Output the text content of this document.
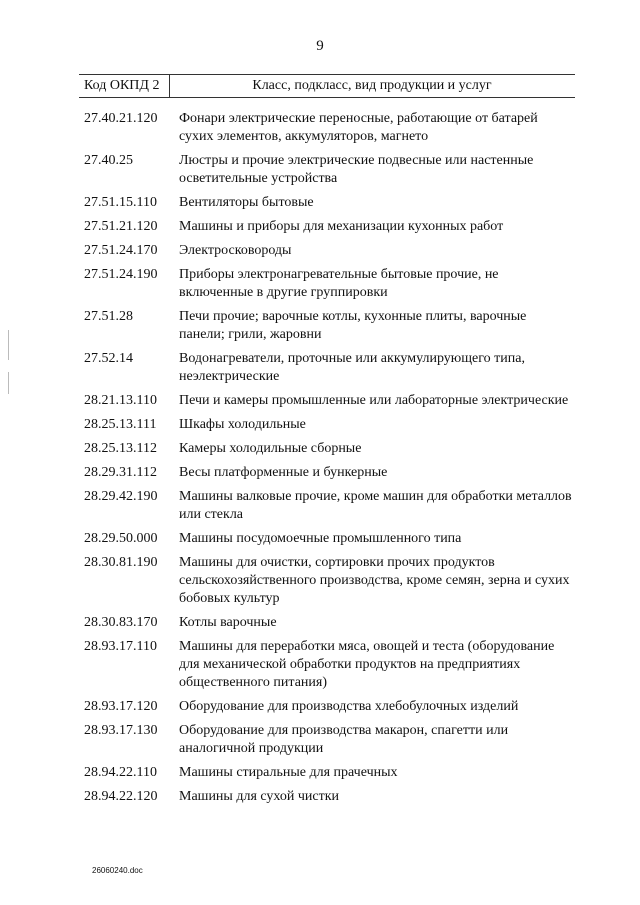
9
Код ОКПД 2	Класс, подкласс, вид продукции и услуг
27.40.21.120	Фонари электрические переносные, работающие от батарей сухих элементов, аккумуляторов, магнето
27.40.25	Люстры и прочие электрические подвесные или настенные осветительные устройства
27.51.15.110	Вентиляторы бытовые
27.51.21.120	Машины и приборы для механизации кухонных работ
27.51.24.170	Электросковороды
27.51.24.190	Приборы электронагревательные бытовые прочие, не включенные в другие группировки
27.51.28	Печи прочие; варочные котлы, кухонные плиты, варочные панели; грили, жаровни
27.52.14	Водонагреватели, проточные или аккумулирующего типа, неэлектрические
28.21.13.110	Печи и камеры промышленные или лабораторные электрические
28.25.13.111	Шкафы холодильные
28.25.13.112	Камеры холодильные сборные
28.29.31.112	Весы платформенные и бункерные
28.29.42.190	Машины валковые прочие, кроме машин для обработки металлов или стекла
28.29.50.000	Машины посудомоечные промышленного типа
28.30.81.190	Машины для очистки, сортировки прочих продуктов сельскохозяйственного производства, кроме семян, зерна и сухих бобовых культур
28.30.83.170	Котлы варочные
28.93.17.110	Машины для переработки мяса, овощей и теста (оборудование для механической обработки продуктов на предприятиях общественного питания)
28.93.17.120	Оборудование для производства хлебобулочных изделий
28.93.17.130	Оборудование для производства макарон, спагетти или аналогичной продукции
28.94.22.110	Машины стиральные для прачечных
28.94.22.120	Машины для сухой чистки
26060240.doc
